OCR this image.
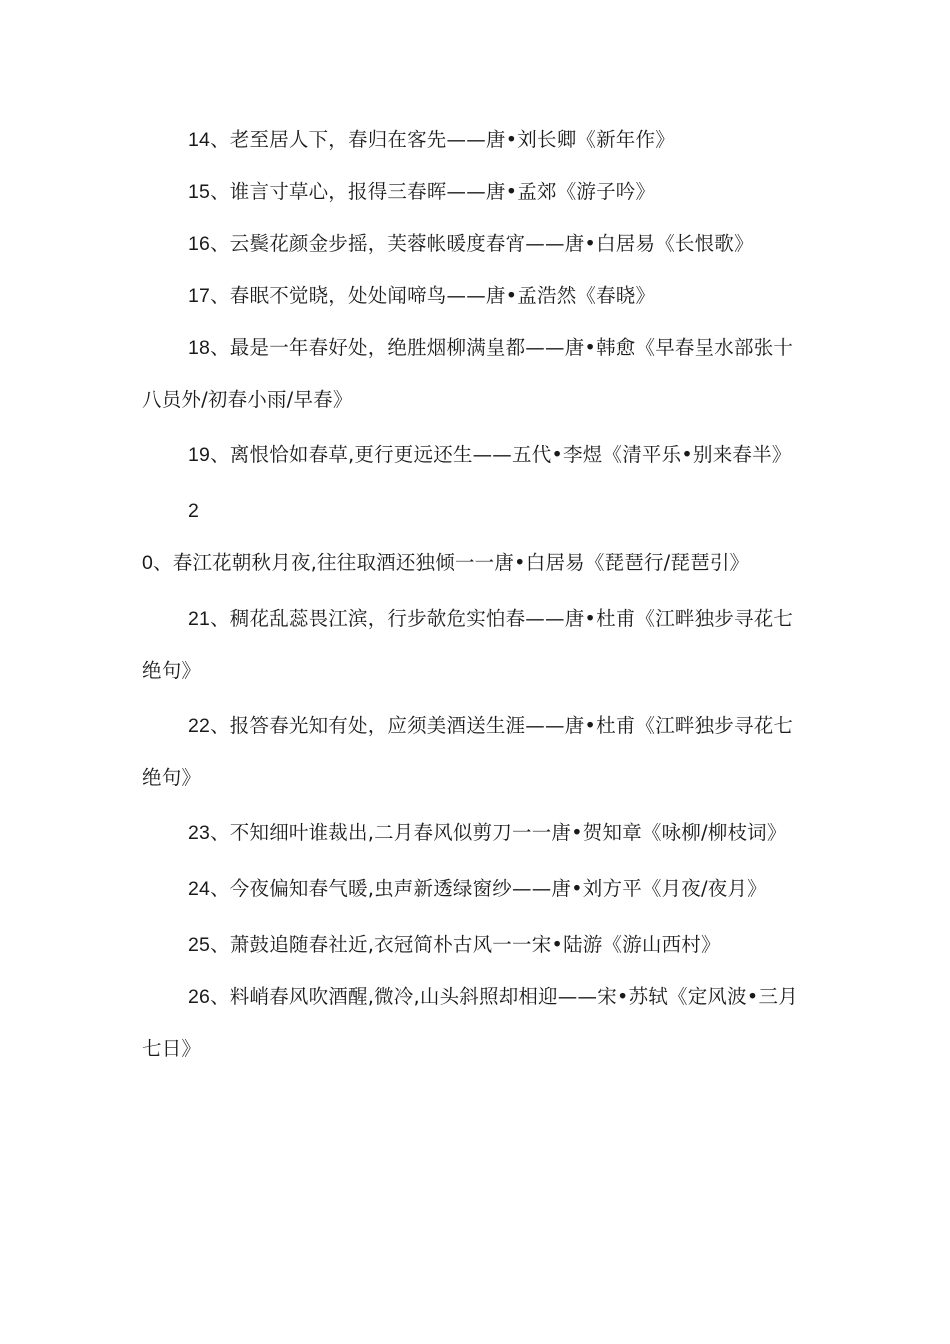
14、老至居人下，春归在客先——唐•刘长卿《新年作》
15、谁言寸草心，报得三春晖——唐•孟郊《游子吟》
16、云鬓花颜金步摇，芙蓉帐暖度春宵——唐•白居易《长恨歌》
17、春眠不觉晓，处处闻啼鸟——唐•孟浩然《春晓》
18、最是一年春好处，绝胜烟柳满皇都——唐•韩愈《早春呈水部张十八员外/初春小雨/早春》
19、离恨恰如春草,更行更远还生——五代•李煜《清平乐•别来春半》
20、春江花朝秋月夜,往往取酒还独倾一一唐•白居易《琵琶行/琵琶引》
21、稠花乱蕊畏江滨，行步欹危实怕春——唐•杜甫《江畔独步寻花七绝句》
22、报答春光知有处，应须美酒送生涯——唐•杜甫《江畔独步寻花七绝句》
23、不知细叶谁裁出,二月春风似剪刀一一唐•贺知章《咏柳/柳枝词》
24、今夜偏知春气暖,虫声新透绿窗纱——唐•刘方平《月夜/夜月》
25、萧鼓追随春社近,衣冠简朴古风一一宋•陆游《游山西村》
26、料峭春风吹酒醒,微冷,山头斜照却相迎——宋•苏轼《定风波•三月七日》
